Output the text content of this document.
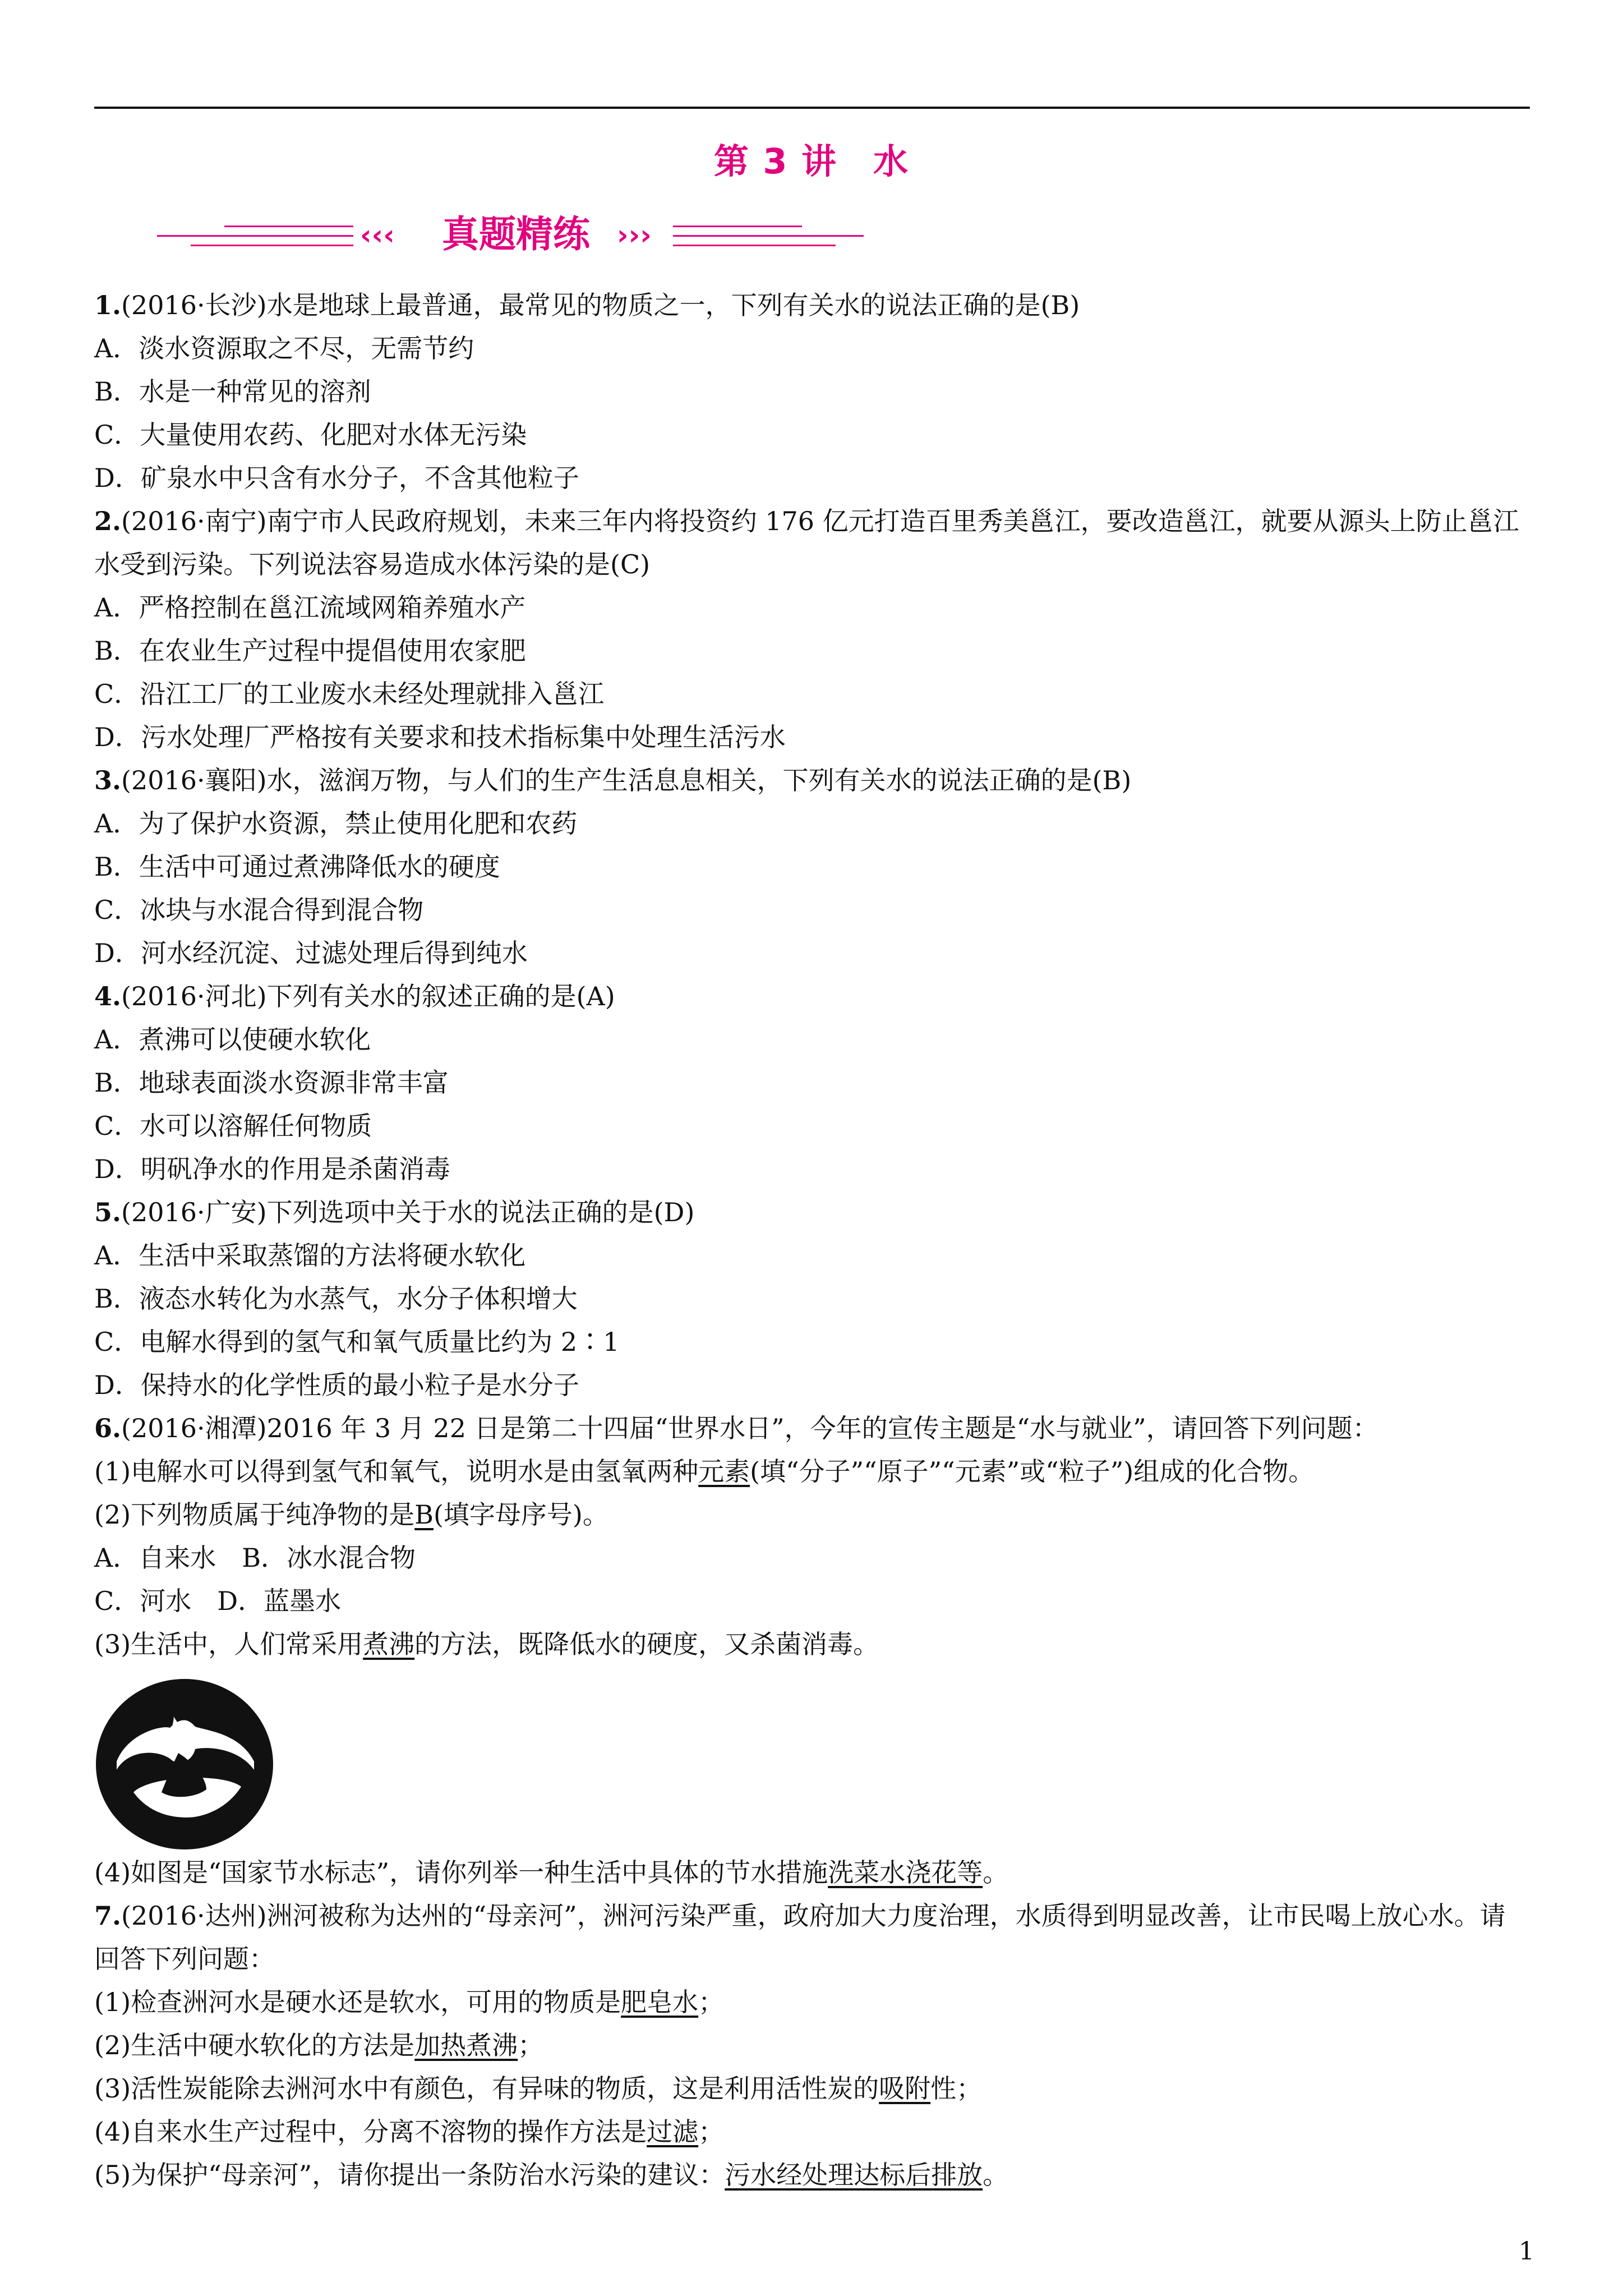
第 3 讲　水
‹‹‹	真题精练 ›››
1.(2016·长沙)水是地球上最普通，最常见的物质之一，下列有关水的说法正确的是(B)
A．淡水资源取之不尽，无需节约
B．水是一种常见的溶剂
C．大量使用农药、化肥对水体无污染
D．矿泉水中只含有水分子，不含其他粒子
2.(2016·南宁)南宁市人民政府规划，未来三年内将投资约 176 亿元打造百里秀美邕江，要改造邕江，就要从源头上防止邕江水受到污染。下列说法容易造成水体污染的是(C)
A．严格控制在邕江流域网箱养殖水产
B．在农业生产过程中提倡使用农家肥
C．沿江工厂的工业废水未经处理就排入邕江
D．污水处理厂严格按有关要求和技术指标集中处理生活污水
3.(2016·襄阳)水，滋润万物，与人们的生产生活息息相关，下列有关水的说法正确的是(B)
A．为了保护水资源，禁止使用化肥和农药
B．生活中可通过煮沸降低水的硬度
C．冰块与水混合得到混合物
D．河水经沉淀、过滤处理后得到纯水
4.(2016·河北)下列有关水的叙述正确的是(A)
A．煮沸可以使硬水软化
B．地球表面淡水资源非常丰富
C．水可以溶解任何物质
D．明矾净水的作用是杀菌消毒
5.(2016·广安)下列选项中关于水的说法正确的是(D)
A．生活中采取蒸馏的方法将硬水软化
B．液态水转化为水蒸气，水分子体积增大
C．电解水得到的氢气和氧气质量比约为 2∶1
D．保持水的化学性质的最小粒子是水分子
6.(2016·湘潭)2016 年 3 月 22 日是第二十四届“世界水日”，今年的宣传主题是“水与就业”，请回答下列问题：
(1)电解水可以得到氢气和氧气，说明水是由氢氧两种元素(填“分子”“原子”“元素”或“粒子”)组成的化合物。
(2)下列物质属于纯净物的是B(填字母序号)。
A．自来水　B．冰水混合物
C．河水　D．蓝墨水
(3)生活中，人们常采用煮沸的方法，既降低水的硬度，又杀菌消毒。
(4)如图是“国家节水标志”，请你列举一种生活中具体的节水措施洗菜水浇花等。
7.(2016·达州)洲河被称为达州的“母亲河”，洲河污染严重，政府加大力度治理，水质得到明显改善，让市民喝上放心水。请回答下列问题：
(1)检查洲河水是硬水还是软水，可用的物质是肥皂水；
(2)生活中硬水软化的方法是加热煮沸；
(3)活性炭能除去洲河水中有颜色，有异味的物质，这是利用活性炭的吸附性；
(4)自来水生产过程中，分离不溶物的操作方法是过滤；
(5)为保护“母亲河”，请你提出一条防治水污染的建议：污水经处理达标后排放。
1
